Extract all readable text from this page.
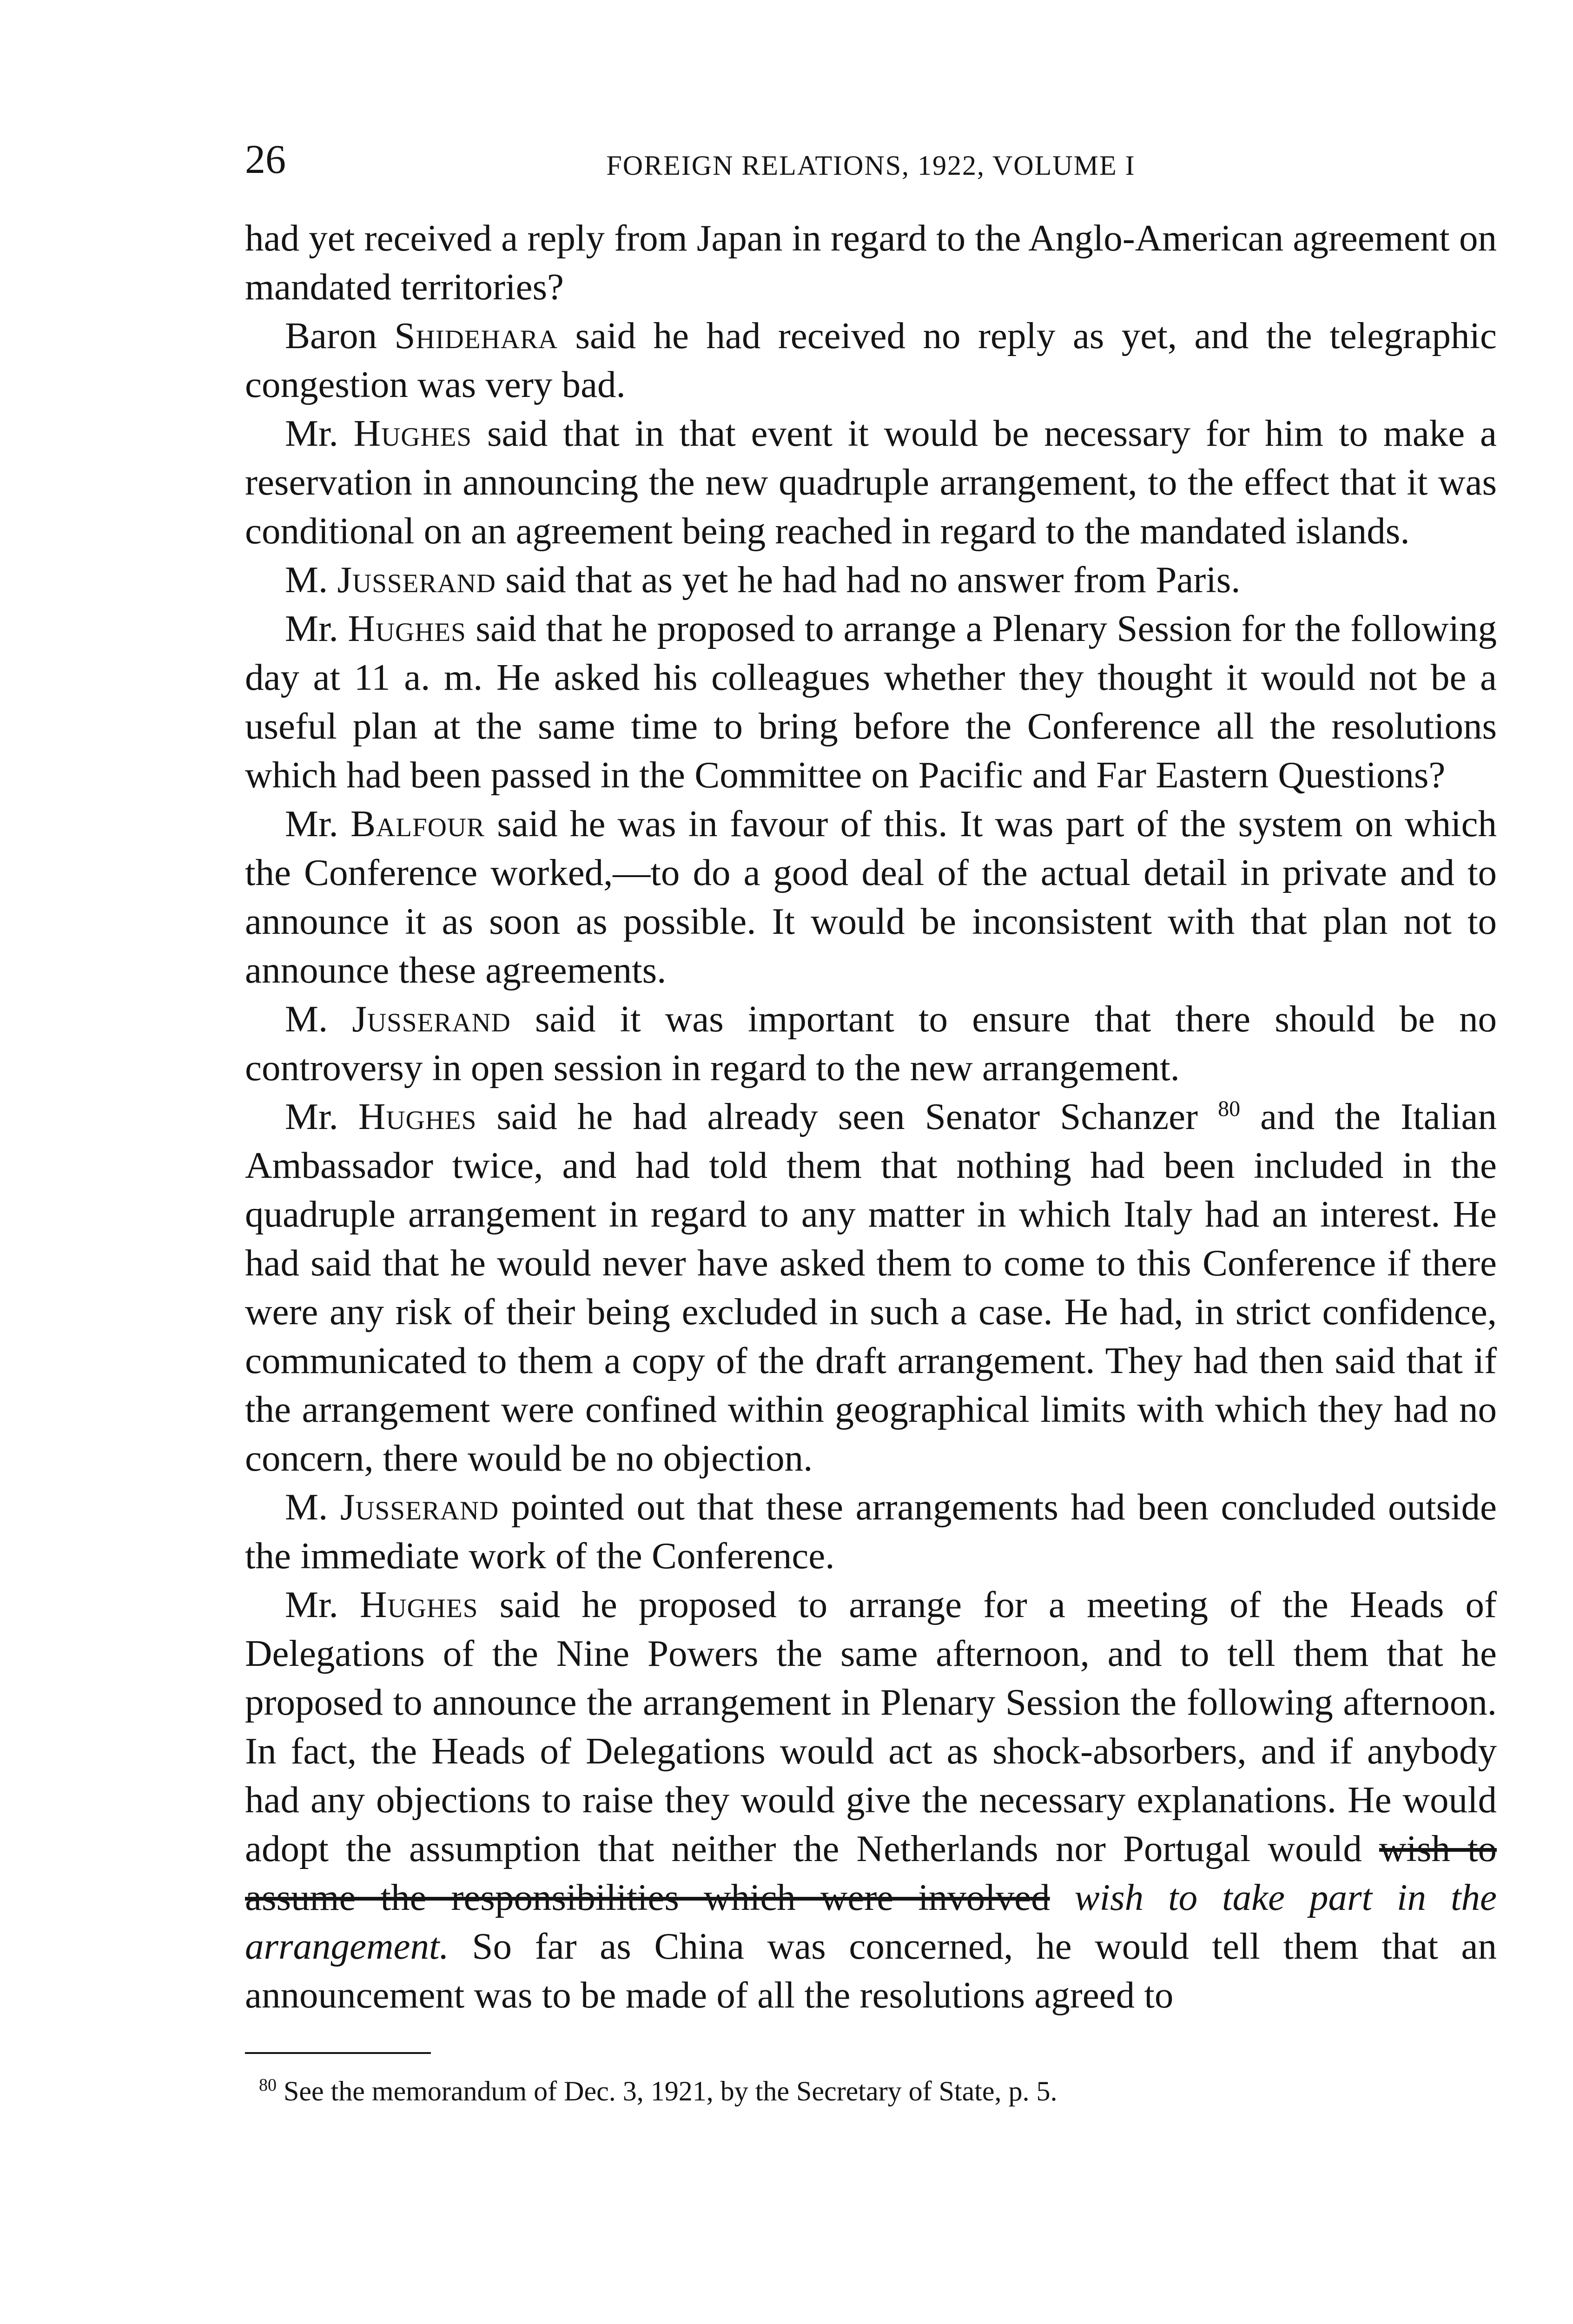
26	FOREIGN RELATIONS, 1922, VOLUME I

had yet received a reply from Japan in regard to the Anglo-American agreement on mandated territories?

Baron Shidehara said he had received no reply as yet, and the telegraphic congestion was very bad.

Mr. Hughes said that in that event it would be necessary for him to make a reservation in announcing the new quadruple arrangement, to the effect that it was conditional on an agreement being reached in regard to the mandated islands.

M. Jusserand said that as yet he had had no answer from Paris.

Mr. Hughes said that he proposed to arrange a Plenary Session for the following day at 11 a. m. He asked his colleagues whether they thought it would not be a useful plan at the same time to bring before the Conference all the resolutions which had been passed in the Committee on Pacific and Far Eastern Questions?

Mr. Balfour said he was in favour of this. It was part of the system on which the Conference worked,—to do a good deal of the actual detail in private and to announce it as soon as possible. It would be inconsistent with that plan not to announce these agreements.

M. Jusserand said it was important to ensure that there should be no controversy in open session in regard to the new arrangement.

Mr. Hughes said he had already seen Senator Schanzer $^{80}$ and the Italian Ambassador twice, and had told them that nothing had been included in the quadruple arrangement in regard to any matter in which Italy had an interest. He had said that he would never have asked them to come to this Conference if there were any risk of their being excluded in such a case. He had, in strict confidence, communicated to them a copy of the draft arrangement. They had then said that if the arrangement were confined within geographical limits with which they had no concern, there would be no objection.

M. Jusserand pointed out that these arrangements had been concluded outside the immediate work of the Conference.

Mr. Hughes said he proposed to arrange for a meeting of the Heads of Delegations of the Nine Powers the same afternoon, and to tell them that he proposed to announce the arrangement in Plenary Session the following afternoon. In fact, the Heads of Delegations would act as shock-absorbers, and if anybody had any objections to raise they would give the necessary explanations. He would adopt the assumption that neither the Netherlands nor Portugal would wish to assume the responsibilities which were involved wish to take part in the arrangement. So far as China was concerned, he would tell them that an announcement was to be made of all the resolutions agreed to

$^{80}$ See the memorandum of Dec. 3, 1921, by the Secretary of State, p. 5.
